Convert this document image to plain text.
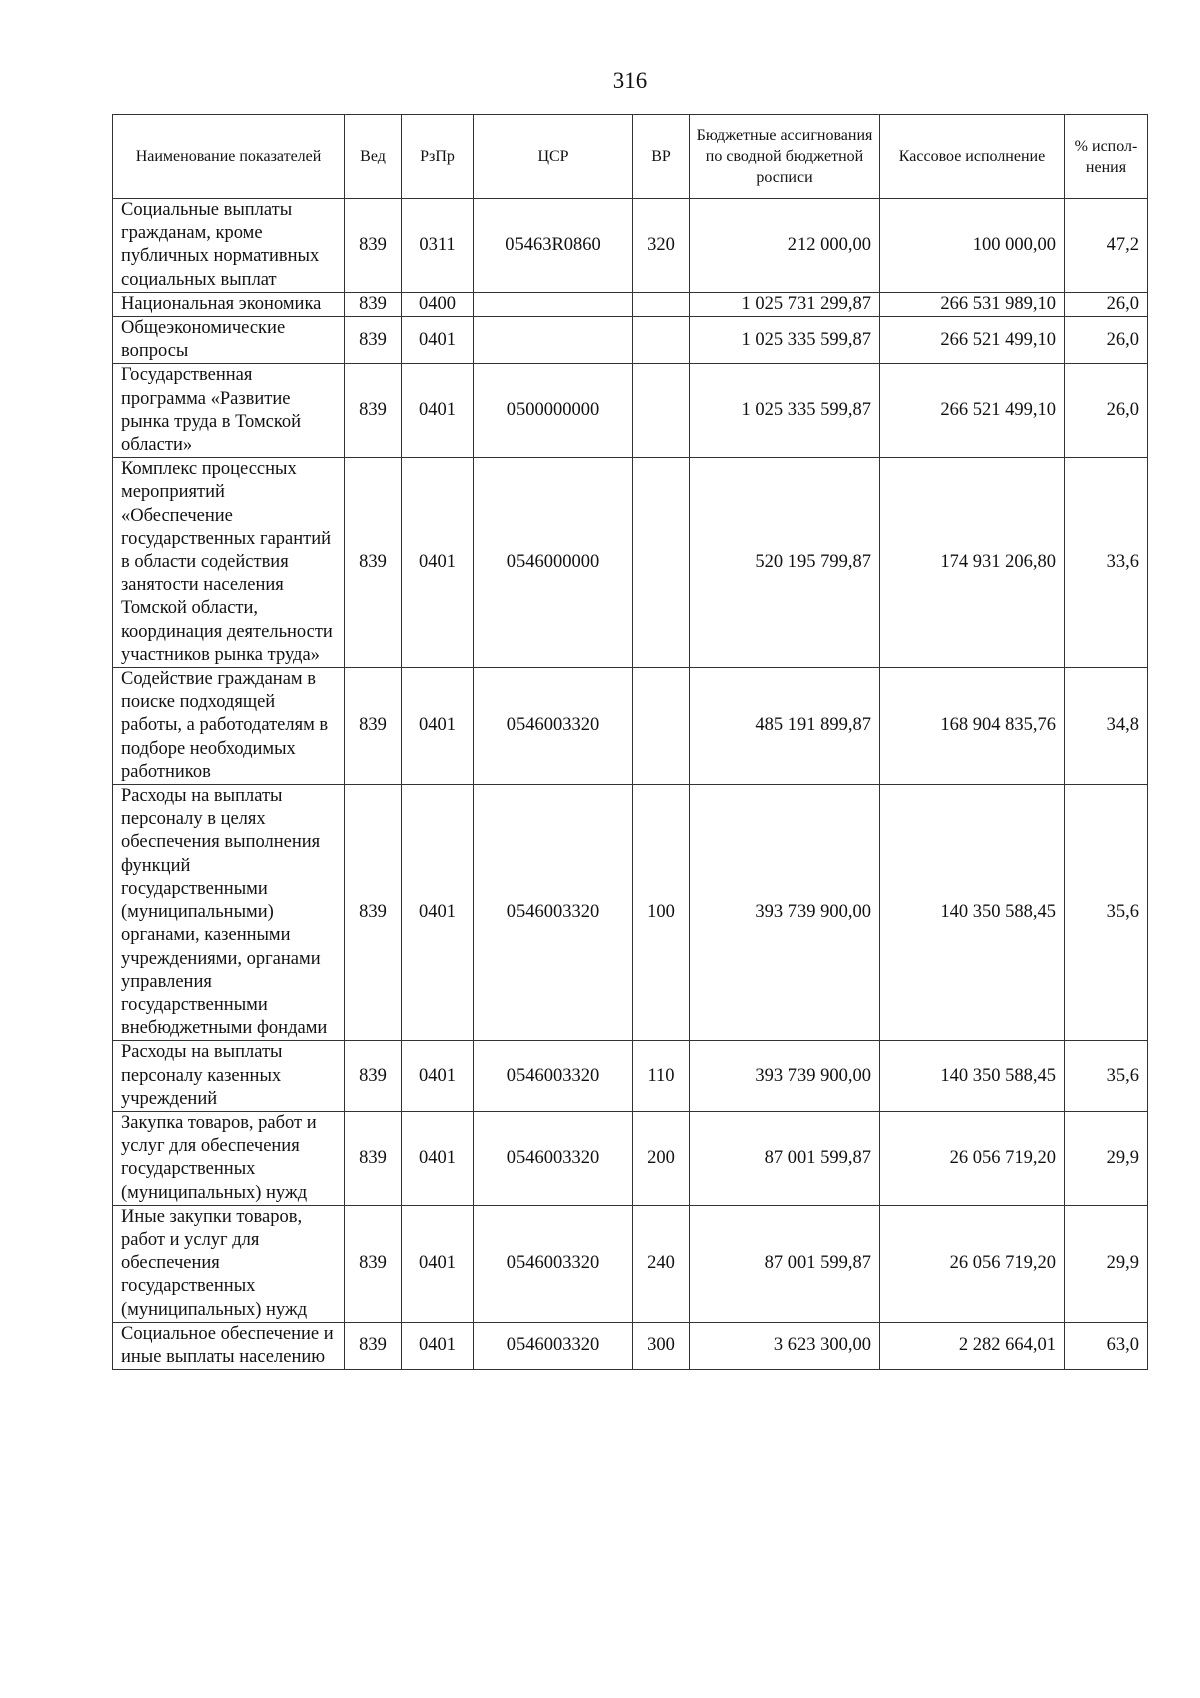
316
Наименование показателей	Вед	РзПр	ЦСР	ВР	Бюджетные ассигнования по сводной бюджетной росписи	Кассовое исполнение	% испол- нения
Социальные выплаты гражданам, кроме публичных нормативных социальных выплат	839	0311	05463R0860	320	212 000,00	100 000,00	47,2
Национальная экономика	839	0400			1 025 731 299,87	266 531 989,10	26,0
Общеэкономические вопросы	839	0401			1 025 335 599,87	266 521 499,10	26,0
Государственная программа «Развитие рынка труда в Томской области»	839	0401	0500000000		1 025 335 599,87	266 521 499,10	26,0
Комплекс процессных мероприятий «Обеспечение государственных гарантий в области содействия занятости населения Томской области, координация деятельности участников рынка труда»	839	0401	0546000000		520 195 799,87	174 931 206,80	33,6
Содействие гражданам в поиске подходящей работы, а работодателям в подборе необходимых работников	839	0401	0546003320		485 191 899,87	168 904 835,76	34,8
Расходы на выплаты персоналу в целях обеспечения выполнения функций государственными (муниципальными) органами, казенными учреждениями, органами управления государственными внебюджетными фондами	839	0401	0546003320	100	393 739 900,00	140 350 588,45	35,6
Расходы на выплаты персоналу казенных учреждений	839	0401	0546003320	110	393 739 900,00	140 350 588,45	35,6
Закупка товаров, работ и услуг для обеспечения государственных (муниципальных) нужд	839	0401	0546003320	200	87 001 599,87	26 056 719,20	29,9
Иные закупки товаров, работ и услуг для обеспечения государственных (муниципальных) нужд	839	0401	0546003320	240	87 001 599,87	26 056 719,20	29,9
Социальное обеспечение и иные выплаты населению	839	0401	0546003320	300	3 623 300,00	2 282 664,01	63,0
